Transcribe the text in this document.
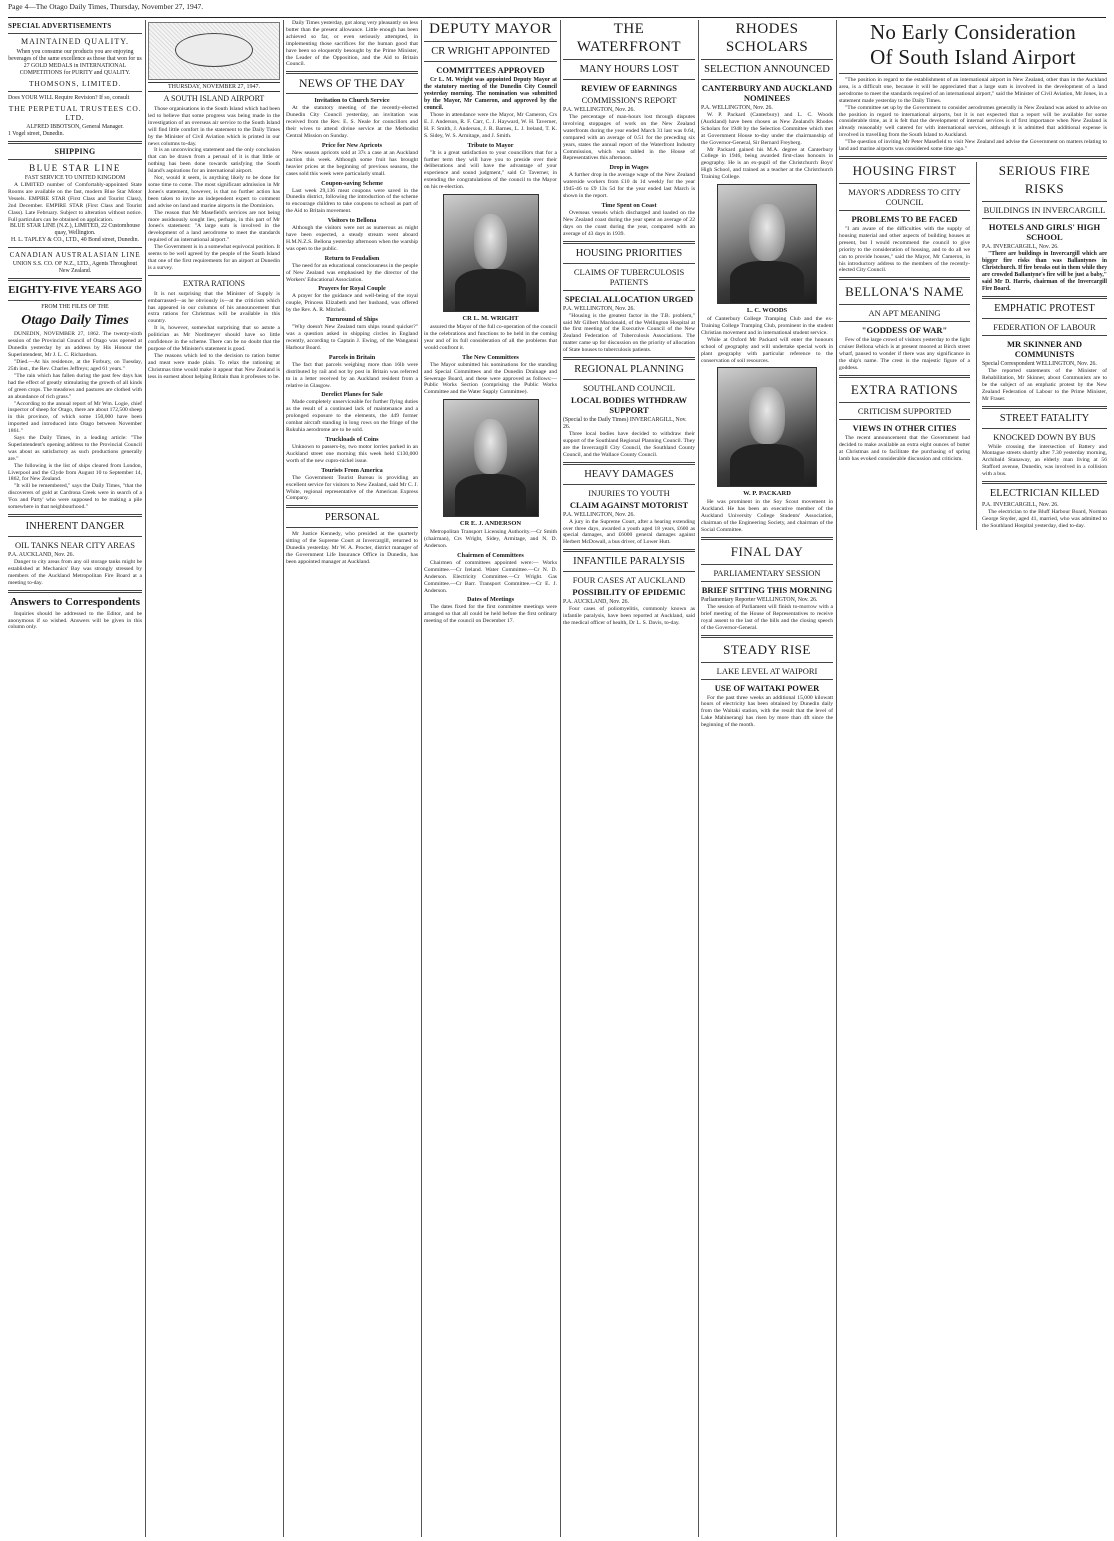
Page 4—The Otago Daily Times, Thursday, November 27, 1947.
SPECIAL ADVERTISEMENTS
MAINTAINED QUALITY.
When you consume our products you are enjoying beverages of the same excellence as those that won for us 27 GOLD MEDALS in INTERNATIONAL COMPETITIONS for PURITY and QUALITY.
THOMSONS, LIMITED.
Does YOUR WILL Require Revision? If so, consult
THE PERPETUAL TRUSTEES CO. LTD.
ALFRED IBBOTSON, General Manager.
1 Vogel street, Dunedin.
SHIPPING
BLUE STAR LINE
FAST SERVICE TO UNITED KINGDOM
A LIMITED number of Comfortably-appointed State Rooms are available on the fast, modern Blue Star Motor Vessels. EMPIRE STAR (First Class and Tourist Class), 2nd December. EMPIRE STAR (First Class and Tourist Class). Late February. Subject to alteration without notice. Full particulars can be obtained on application.
BLUE STAR LINE (N.Z.), LIMITED, 22 Customhouse quay, Wellington.
H. L. TAPLEY & CO., LTD., 40 Bond street, Dunedin.
CANADIAN AUSTRALASIAN LINE
UNION S.S. CO. OF N.Z., LTD., Agents Throughout New Zealand.
EIGHTY-FIVE YEARS AGO
FROM THE FILES OF THE
Otago Daily Times
DUNEDIN, NOVEMBER 27, 1862. The twenty-sixth session of the Provincial Council of Otago was opened at Dunedin yesterday by an address by His Honour the Superintendent, Mr J. L. C. Richardson.
"Died.—At his residence, at the Forbury, on Tuesday, 25th inst., the Rev. Charles Jeffreys; aged 61 years."
"The rain which has fallen during the past few days has had the effect of greatly stimulating the growth of all kinds of green crops. The meadows and pastures are clothed with an abundance of rich grass."
"According to the annual report of Mr Wm. Logie, chief inspector of sheep for Otago, there are about 172,500 sheep in this province, of which some 150,000 have been imported and introduced into Otago between November 1861."
Says the Daily Times, in a leading article: "The Superintendent's opening address to the Provincial Council was about as satisfactory as such productions generally are."
The following is the list of ships cleared from London, Liverpool and the Clyde from August 10 to September 14, 1862, for New Zealand.
"It will be remembered," says the Daily Times, "that the discoverers of gold at Cardrona Creek were in search of a 'Fox and Party' who were supposed to be making a pile somewhere in that neighbourhood."
INHERENT DANGER
OIL TANKS NEAR CITY AREAS
P.A. AUCKLAND, Nov. 26.
Danger to city areas from any oil storage tanks might be established at Mechanics' Bay was strongly stressed by members of the Auckland Metropolitan Fire Board at a meeting to-day.
Answers to Correspondents
Inquiries should be addressed to the Editor, and be anonymous if so wished. Answers will be given in this column only.
THURSDAY, NOVEMBER 27, 1947.
A SOUTH ISLAND AIRPORT
Those organisations in the South Island which had been led to believe that some progress was being made in the investigation of an overseas air service to the South Island will find little comfort in the statement to the Daily Times by the Minister of Civil Aviation which is printed in our news columns to-day.
It is an unconvincing statement and the only conclusion that can be drawn from a perusal of it is that little or nothing has been done towards satisfying the South Island's aspirations for an international airport.
Nor, would it seem, is anything likely to be done for some time to come. The most significant admission in Mr Jones's statement, however, is that no further action has been taken to invite an independent expert to comment and advise on land and marine airports in the Dominion.
The reason that Mr Masefield's services are not being more assiduously sought lies, perhaps, in this part of Mr Jones's statement: "A large sum is involved in the development of a land aerodrome to meet the standards required of an international airport."
The Government is in a somewhat equivocal position. It seems to be well agreed by the people of the South Island that one of the first requirements for an airport at Dunedin is a survey.
EXTRA RATIONS
It is not surprising that the Minister of Supply is embarrassed—as he obviously is—at the criticism which has appeared in our columns of his announcement that extra rations for Christmas will be available in this country.
It is, however, somewhat surprising that so astute a politician as Mr Nordmeyer should have so little confidence in the scheme. There can be no doubt that the purpose of the Minister's statement is good.
The reasons which led to the decision to ration butter and meat were made plain. To relax the rationing at Christmas time would make it appear that New Zealand is less in earnest about helping Britain than it professes to be.
Daily Times yesterday, got along very pleasantly on less butter than the present allowance. Little enough has been achieved so far, or even seriously attempted, in implementing those sacrifices for the human good that have been so eloquently besought by the Prime Minister, the Leader of the Opposition, and the Aid to Britain Council.
NEWS OF THE DAY
Invitation to Church Service
At the statutory meeting of the recently-elected Dunedin City Council yesterday, an invitation was received from the Rev. E. S. Neale for councillors and their wives to attend divine service at the Methodist Central Mission on Sunday.
Price for New Apricots
New season apricots sold at 37s a case at an Auckland auction this week. Although some fruit has brought heavier prices at the beginning of previous seasons, the cases sold this week were particularly small.
Coupon-saving Scheme
Last week 29,136 meat coupons were saved in the Dunedin district, following the introduction of the scheme to encourage children to take coupons to school as part of the Aid to Britain movement.
Visitors to Bellona
Although the visitors were not as numerous as might have been expected, a steady stream went aboard H.M.N.Z.S. Bellona yesterday afternoon when the warship was open to the public.
Return to Feudalism
The need for an educational consciousness in the people of New Zealand was emphasised by the director of the Workers' Educational Association.
Prayers for Royal Couple
A prayer for the guidance and well-being of the royal couple, Princess Elizabeth and her husband, was offered by the Rev. A. R. Mitchell.
Turnround of Ships
"Why doesn't New Zealand turn ships round quicker?" was a question asked in shipping circles in England recently, according to Captain J. Ewing, of the Wanganui Harbour Board.
Parcels in Britain
The fact that parcels weighing more than 16lb were distributed by rail and not by post in Britain was referred to in a letter received by an Auckland resident from a relative in Glasgow.
Derelict Planes for Sale
Made completely unserviceable for further flying duties as the result of a continued lack of maintenance and a prolonged exposure to the elements, the 449 former combat aircraft standing in long rows on the fringe of the Rukuhia aerodrome are to be sold.
Truckloads of Coins
Unknown to passers-by, two motor lorries parked in an Auckland street one morning this week held £130,000 worth of the new cupro-nickel issue.
Tourists From America
The Government Tourist Bureau is providing an excellent service for visitors to New Zealand, said Mr C. J. White, regional representative of the American Express Company.
PERSONAL
Mr Justice Kennedy, who presided at the quarterly sitting of the Supreme Court at Invercargill, returned to Dunedin yesterday. Mr W. A. Procter, district manager of the Government Life Insurance Office in Dunedin, has been appointed manager at Auckland.
DEPUTY MAYOR
CR WRIGHT APPOINTED
COMMITTEES APPROVED
Cr L. M. Wright was appointed Deputy Mayor at the statutory meeting of the Dunedin City Council yesterday morning. The nomination was submitted by the Mayor, Mr Cameron, and approved by the council.
Those in attendance were the Mayor, Mr Cameron, Crs E. J. Anderson, R. F. Carr, C. J. Hayward, W. H. Taverner, H. F. Smith, J. Anderson, J. R. Barnes, L. J. Ireland, T. K. S. Sidey, W. S. Armitage, and J. Smith.
Tribute to Mayor
"It is a great satisfaction to your councillors that for a further term they will have you to preside over their deliberations and will have the advantage of your experience and sound judgment," said Cr Taverner, in extending the congratulations of the council to the Mayor on his re-election.
CR L. M. WRIGHT
assured the Mayor of the full co-operation of the council in the celebrations and functions to be held in the coming year and of its full consideration of all the problems that would confront it.
The New Committees
The Mayor submitted his nominations for the standing and Special Committees and the Dunedin Drainage and Sewerage Board, and these were approved as follows:— Public Works Section (comprising the Public Works Committee and the Water Supply Committee).
CR E. J. ANDERSON
Metropolitan Transport Licensing Authority.—Cr Smith (chairman), Crs Wright, Sidey, Armitage, and N. D. Anderson.
Chairmen of Committees
Chairmen of committees appointed were:— Works Committee.—Cr Ireland. Water Committee.—Cr N. D. Anderson. Electricity Committee.—Cr Wright. Gas Committee.—Cr Barr. Transport Committee.—Cr E. J. Anderson.
Dates of Meetings
The dates fixed for the first committee meetings were arranged so that all could be held before the first ordinary meeting of the council on December 17.
THE WATERFRONT
MANY HOURS LOST
REVIEW OF EARNINGS
COMMISSION'S REPORT
P.A. WELLINGTON, Nov. 26.
The percentage of man-hours lost through disputes involving stoppages of work on the New Zealand waterfronts during the year ended March 31 last was 0.64, compared with an average of 0.51 for the preceding six years, states the annual report of the Waterfront Industry Commission, which was tabled in the House of Representatives this afternoon.
Drop in Wages
A further drop in the average wage of the New Zealand waterside workers from £10 4s 1d weekly for the year 1945-46 to £9 13s 5d for the year ended last March is shown in the report.
Time Spent on Coast
Overseas vessels which discharged and loaded on the New Zealand coast during the year spent an average of 22 days on the coast during the year, compared with an average of 43 days in 1939.
HOUSING PRIORITIES
CLAIMS OF TUBERCULOSIS PATIENTS
SPECIAL ALLOCATION URGED
P.A. WELLINGTON, Nov. 26.
"Housing is the greatest factor in the T.B. problem," said Mr Gilbert Macdonald, of the Wellington Hospital at the first meeting of the Executive Council of the New Zealand Federation of Tuberculosis Associations. The matter came up for discussion on the priority of allocation of State houses to tuberculosis patients.
REGIONAL PLANNING
SOUTHLAND COUNCIL
LOCAL BODIES WITHDRAW SUPPORT
(Special to the Daily Times) INVERCARGILL, Nov. 26.
Three local bodies have decided to withdraw their support of the Southland Regional Planning Council. They are the Invercargill City Council, the Southland County Council, and the Wallace County Council.
HEAVY DAMAGES
INJURIES TO YOUTH
CLAIM AGAINST MOTORIST
P.A. WELLINGTON, Nov. 26.
A jury in the Supreme Court, after a hearing extending over three days, awarded a youth aged 18 years, £600 as special damages, and £6000 general damages against Herbert McDowall, a bus driver, of Lower Hutt.
INFANTILE PARALYSIS
FOUR CASES AT AUCKLAND
POSSIBILITY OF EPIDEMIC
P.A. AUCKLAND, Nov. 26.
Four cases of poliomyelitis, commonly known as infantile paralysis, have been reported at Auckland, said the medical officer of health, Dr L. S. Davis, to-day.
RHODES SCHOLARS
SELECTION ANNOUNCED
CANTERBURY AND AUCKLAND NOMINEES
P.A. WELLINGTON, Nov. 26.
W. P. Packard (Canterbury) and L. C. Woods (Auckland) have been chosen as New Zealand's Rhodes Scholars for 1948 by the Selection Committee which met at Government House to-day under the chairmanship of the Governor-General, Sir Bernard Freyberg.
Mr Packard gained his M.A. degree at Canterbury College in 1946, being awarded first-class honours in geography. He is an ex-pupil of the Christchurch Boys' High School, and trained as a teacher at the Christchurch Training College.
L. C. WOODS
of Canterbury College Tramping Club and the ex-Training College Tramping Club, prominent in the student Christian movement and in international student service.
While at Oxford Mr Packard will enter the honours school of geography and will undertake special work in plant geography with particular reference to the conservation of soil resources.
W. P. PACKARD
He was prominent in the Soy Scout movement in Auckland. He has been an executive member of the Auckland University College Students' Association, chairman of the Engineering Society, and chairman of the Social Committee.
FINAL DAY
PARLIAMENTARY SESSION
BRIEF SITTING THIS MORNING
Parliamentary Reporter WELLINGTON, Nov. 26.
The session of Parliament will finish to-morrow with a brief meeting of the House of Representatives to receive royal assent to the last of the bills and the closing speech of the Governor-General.
STEADY RISE
LAKE LEVEL AT WAIPORI
USE OF WAITAKI POWER
For the past three weeks an additional 15,000 kilowatt hours of electricity has been obtained by Dunedin daily from the Waitaki station, with the result that the level of Lake Mahinerangi has risen by more than 4ft since the beginning of the month.
No Early Consideration
Of South Island Airport
"The position in regard to the establishment of an international airport in New Zealand, other than in the Auckland area, is a difficult one, because it will be appreciated that a large sum is involved in the development of a land aerodrome to meet the standards required of an international airport," said the Minister of Civil Aviation, Mr Jones, in a statement made yesterday to the Daily Times.
"The committee set up by the Government to consider aerodromes generally in New Zealand was asked to advise on the position in regard to international airports, but it is not expected that a report will be available for some considerable time, as it is felt that the development of internal services is of first importance when New Zealand is already reasonably well catered for with international services, although it is admitted that additional expense is involved in travelling from the South Island to Auckland.
"The question of inviting Mr Peter Masefield to visit New Zealand and advise the Government on matters relating to land and marine airports was considered some time ago."
HOUSING FIRST
MAYOR'S ADDRESS TO CITY COUNCIL
PROBLEMS TO BE FACED
"I am aware of the difficulties with the supply of housing material and other aspects of building houses at present, but I would recommend the council to give priority to the consideration of housing, and to do all we can to provide houses," said the Mayor, Mr Cameron, in his introductory address to the members of the recently-elected City Council.
BELLONA'S NAME
AN APT MEANING
"GODDESS OF WAR"
Few of the large crowd of visitors yesterday to the light cruiser Bellona which is at present moored at Birch street wharf, paused to wonder if there was any significance in the ship's name. The crest is the majestic figure of a goddess.
EXTRA RATIONS
CRITICISM SUPPORTED
VIEWS IN OTHER CITIES
The recent announcement that the Government had decided to make available an extra eight ounces of butter at Christmas and to facilitate the purchasing of spring lamb has evoked considerable discussion and criticism.
SERIOUS FIRE RISKS
BUILDINGS IN INVERCARGILL
HOTELS AND GIRLS' HIGH SCHOOL
P.A. INVERCARGILL, Nov. 26.
"There are buildings in Invercargill which are bigger fire risks than was Ballantynes in Christchurch. If fire breaks out in them while they are crowded Ballantyne's fire will be just a baby," said Mr D. Harris, chairman of the Invercargill Fire Board.
EMPHATIC PROTEST
FEDERATION OF LABOUR
MR SKINNER AND COMMUNISTS
Special Correspondent WELLINGTON, Nov. 26.
The reported statements of the Minister of Rehabilitation, Mr Skinner, about Communists are to be the subject of an emphatic protest by the New Zealand Federation of Labour to the Prime Minister, Mr Fraser.
STREET FATALITY
KNOCKED DOWN BY BUS
While crossing the intersection of Battery and Montague streets shortly after 7.30 yesterday morning, Archibald Stanaway, an elderly man living at 56 Stafford avenue, Dunedin, was involved in a collision with a bus.
ELECTRICIAN KILLED
P.A. INVERCARGILL, Nov. 26.
The electrician to the Bluff Harbour Board, Norman George Snyder, aged 41, married, who was admitted to the Southland Hospital yesterday, died to-day.
